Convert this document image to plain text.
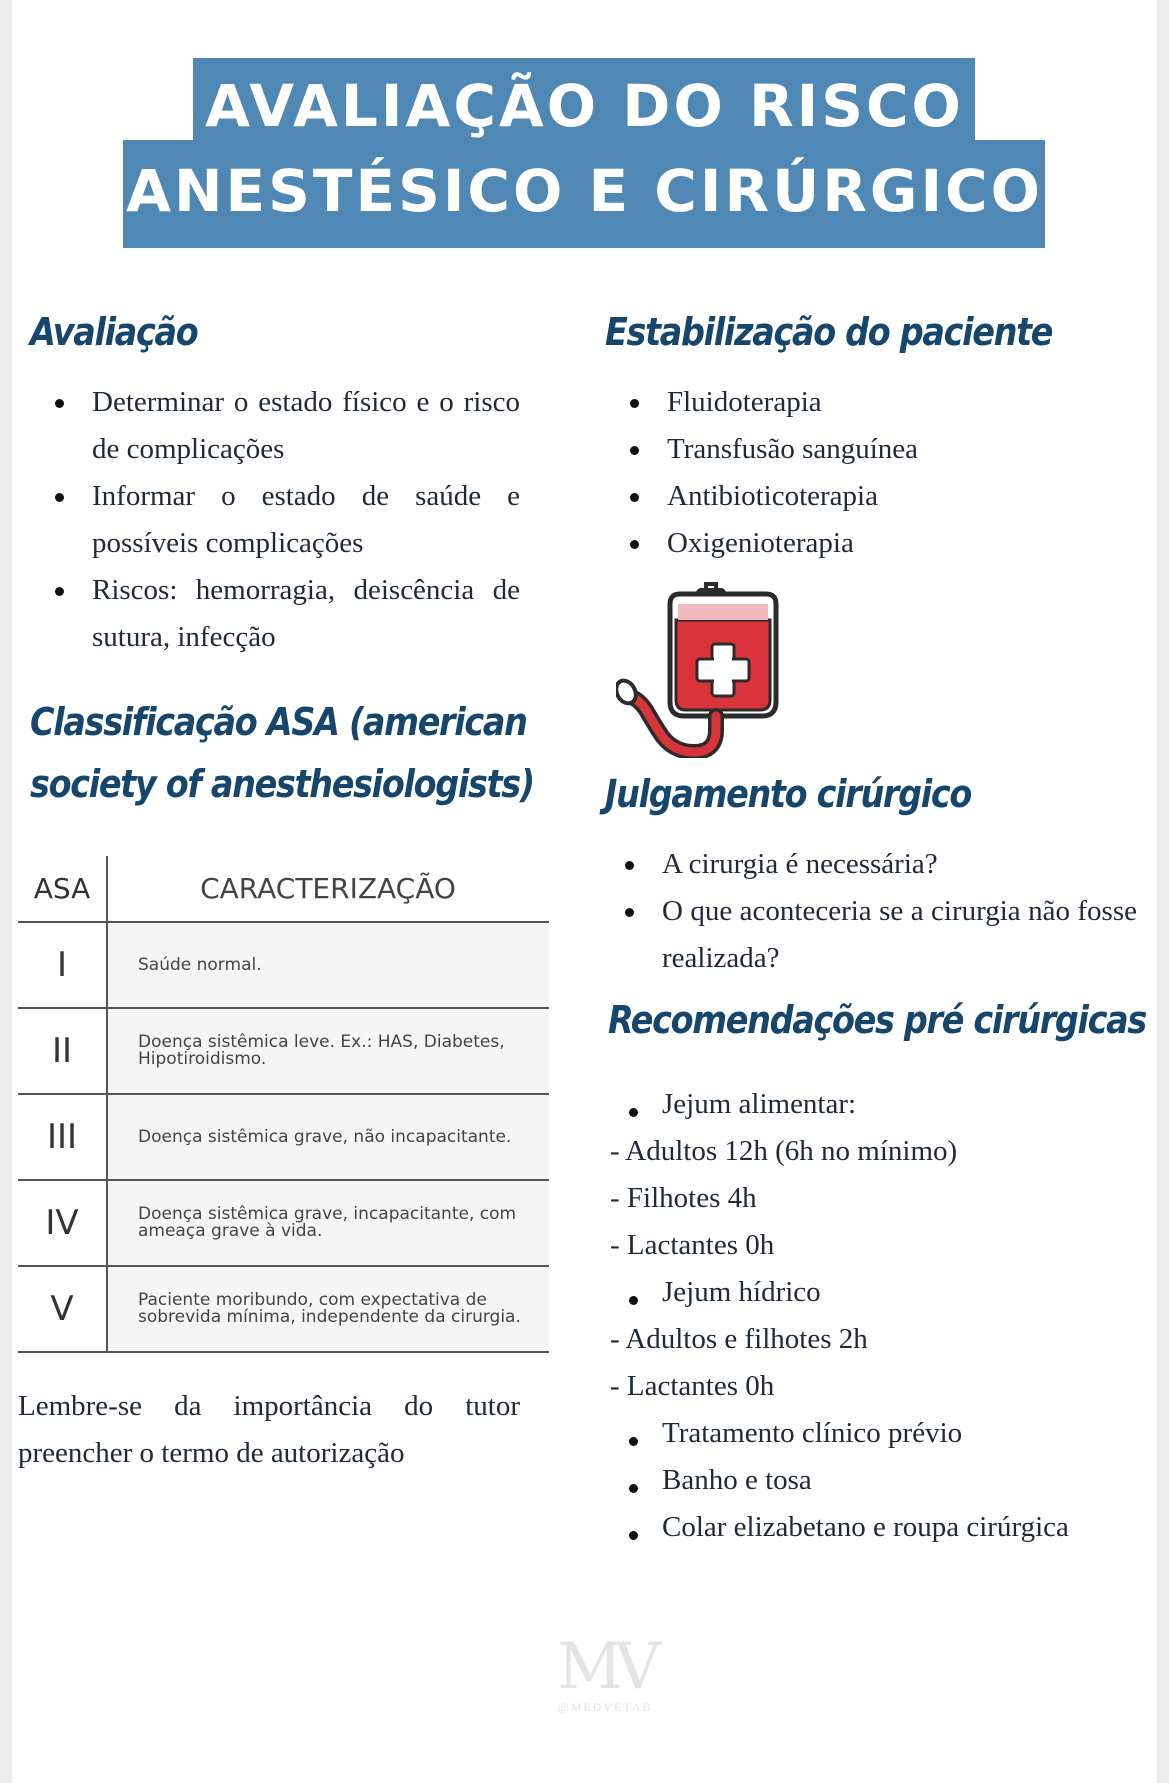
AVALIAÇÃO DO RISCO
ANESTÉSICO E CIRÚRGICO
Avaliação
Determinar o estado físico e o risco de complicações
Informar o estado de saúde e possíveis complicações
Riscos: hemorragia, deiscência de sutura, infecção
Classificação ASA (american
society of anesthesiologists)
ASA	CARACTERIZAÇÃO
I	Saúde normal.
II	Doença sistêmica leve. Ex.: HAS, Diabetes, Hipotiroidismo.
III	Doença sistêmica grave, não incapacitante.
IV	Doença sistêmica grave, incapacitante, com ameaça grave à vida.
V	Paciente moribundo, com expectativa de sobrevida mínima, independente da cirurgia.

Lembre-se da importância do tutor preencher o termo de autorização

Estabilização do paciente
Fluidoterapia
Transfusão sanguínea
Antibioticoterapia
Oxigenioterapia
Julgamento cirúrgico
A cirurgia é necessária?
O que aconteceria se a cirurgia não fosse realizada?
Recomendações pré cirúrgicas
Jejum alimentar:
- Adultos 12h (6h no mínimo)
- Filhotes 4h
- Lactantes 0h
Jejum hídrico
- Adultos e filhotes 2h
- Lactantes 0h
Tratamento clínico prévio
Banho e tosa
Colar elizabetano e roupa cirúrgica
MV
@MEDVETAB
